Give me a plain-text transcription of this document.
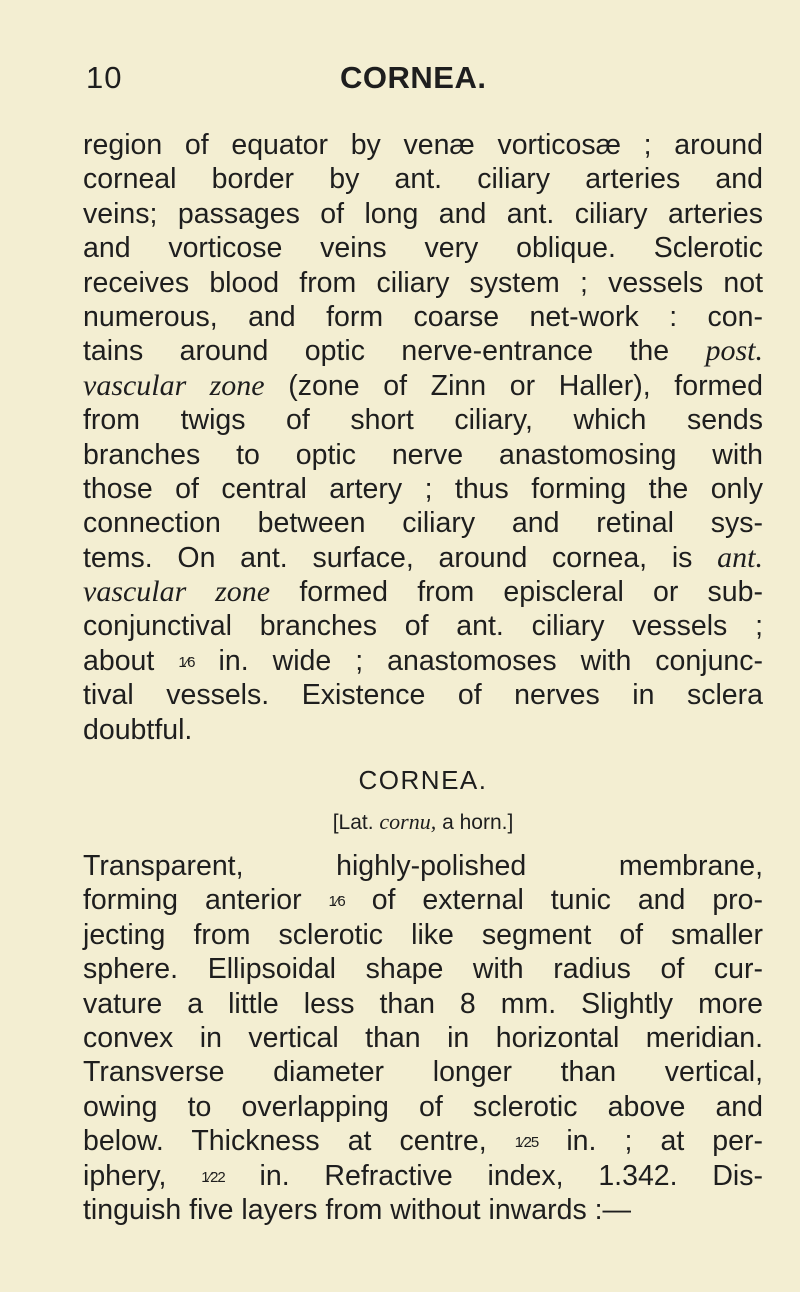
10	CORNEA.
region of equator by venæ vorticosæ ; around
corneal border by ant. ciliary arteries and
veins; passages of long and ant. ciliary arteries
and vorticose veins very oblique. Sclerotic
receives blood from ciliary system ; vessels not
numerous, and form coarse net-work : con-
tains around optic nerve-entrance the post.
vascular zone (zone of Zinn or Haller), formed
from twigs of short ciliary, which sends
branches to optic nerve anastomosing with
those of central artery ; thus forming the only
connection between ciliary and retinal sys-
tems. On ant. surface, around cornea, is ant.
vascular zone formed from episcleral or sub-
conjunctival branches of ant. ciliary vessels ;
about 1⁄6 in. wide ; anastomoses with conjunc-
tival vessels. Existence of nerves in sclera
doubtful.
CORNEA.
[Lat. cornu, a horn.]
Transparent, highly-polished membrane,
forming anterior 1⁄6 of external tunic and pro-
jecting from sclerotic like segment of smaller
sphere. Ellipsoidal shape with radius of cur-
vature a little less than 8 mm. Slightly more
convex in vertical than in horizontal meridian.
Transverse diameter longer than vertical,
owing to overlapping of sclerotic above and
below. Thickness at centre, 1⁄25 in. ; at per-
iphery, 1⁄22 in. Refractive index, 1.342. Dis-
tinguish five layers from without inwards :—
